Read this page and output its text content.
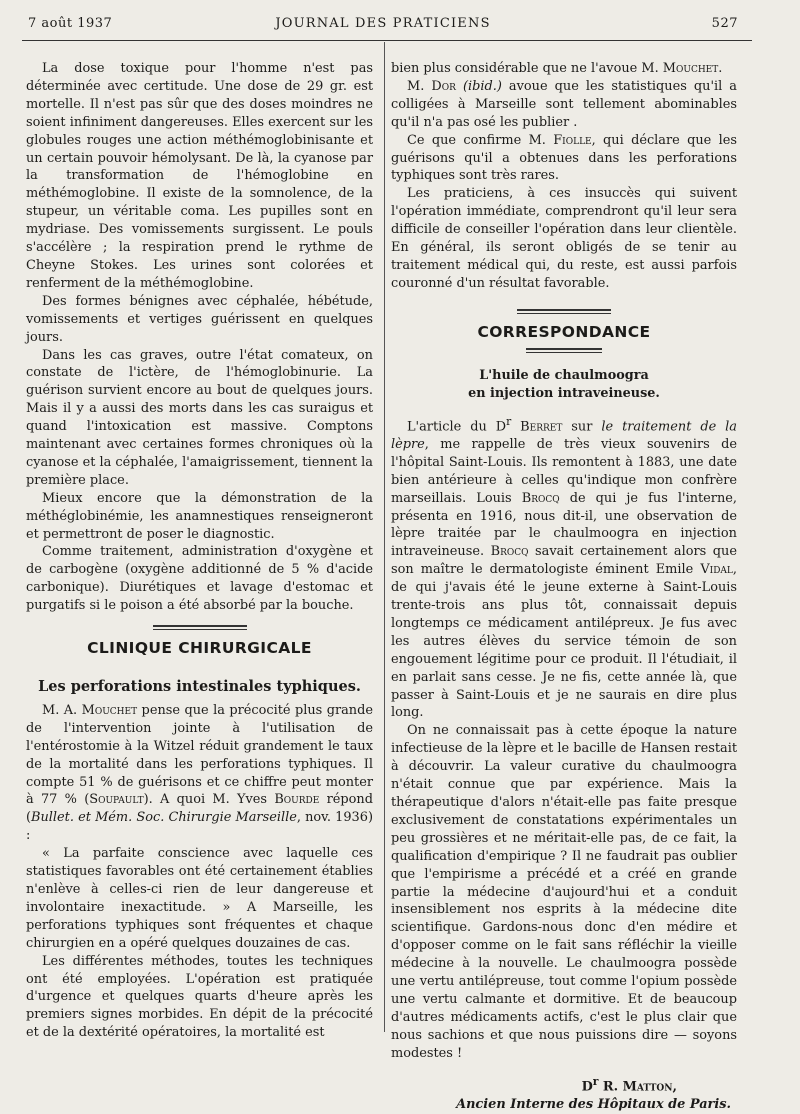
7 août 1937	JOURNAL DES PRATICIENS	527

La dose toxique pour l'homme n'est pas déterminée avec certitude. Une dose de 29 gr. est mortelle. Il n'est pas sûr que des doses moindres ne soient infiniment dangereuses. Elles exercent sur les globules rouges une action méthémoglobinisante et un certain pouvoir hémolysant. De là, la cyanose par la transformation de l'hémoglobine en méthémoglobine. Il existe de la somnolence, de la stupeur, un véritable coma. Les pupilles sont en mydriase. Des vomissements surgissent. Le pouls s'accélère ; la respiration prend le rythme de Cheyne Stokes. Les urines sont colorées et renferment de la méthémoglobine.

Des formes bénignes avec céphalée, hébétude, vomissements et vertiges guérissent en quelques jours.

Dans les cas graves, outre l'état comateux, on constate de l'ictère, de l'hémoglobinurie. La guérison survient encore au bout de quelques jours. Mais il y a aussi des morts dans les cas suraigus et quand l'intoxication est massive. Comptons maintenant avec certaines formes chroniques où la cyanose et la céphalée, l'amaigrissement, tiennent la première place.

Mieux encore que la démonstration de la méthéglobinémie, les anamnestiques renseigneront et permettront de poser le diagnostic.

Comme traitement, administration d'oxygène et de carbogène (oxygène additionné de 5 % d'acide carbonique). Diurétiques et lavage d'estomac et purgatifs si le poison a été absorbé par la bouche.

CLINIQUE CHIRURGICALE
Les perforations intestinales typhiques.

M. A. Mouchet pense que la précocité plus grande de l'intervention jointe à l'utilisation de l'entérostomie à la Witzel réduit grandement le taux de la mortalité dans les perforations typhiques. Il compte 51 % de guérisons et ce chiffre peut monter à 77 % (Soupault). A quoi M. Yves Bourde répond (Bullet. et Mém. Soc. Chirurgie Marseille, nov. 1936) :

« La parfaite conscience avec laquelle ces statistiques favorables ont été certainement établies n'enlève à celles-ci rien de leur dangereuse et involontaire inexactitude. » A Marseille, les perforations typhiques sont fréquentes et chaque chirurgien en a opéré quelques douzaines de cas.

Les différentes méthodes, toutes les techniques ont été employées. L'opération est pratiquée d'urgence et quelques quarts d'heure après les premiers signes morbides. En dépit de la précocité et de la dextérité opératoires, la mortalité est

bien plus considérable que ne l'avoue M. Mouchet.

M. Dor (ibid.) avoue que les statistiques qu'il a colligées à Marseille sont tellement abominables qu'il n'a pas osé les publier .

Ce que confirme M. Fiolle, qui déclare que les guérisons qu'il a obtenues dans les perforations typhiques sont très rares.

Les praticiens, à ces insuccès qui suivent l'opération immédiate, comprendront qu'il leur sera difficile de conseiller l'opération dans leur clientèle. En général, ils seront obligés de se tenir au traitement médical qui, du reste, est aussi parfois couronné d'un résultat favorable.

CORRESPONDANCE
L'huile de chaulmoogra
en injection intraveineuse.

L'article du $D^r$ Berret sur le traitement de la lèpre, me rappelle de très vieux souvenirs de l'hôpital Saint-Louis. Ils remontent à 1883, une date bien antérieure à celles qu'indique mon confrère marseillais. Louis Brocq de qui je fus l'interne, présenta en 1916, nous dit-il, une observation de lèpre traitée par le chaulmoogra en injection intraveineuse. Brocq savait certainement alors que son maître le dermatologiste éminent Emile Vidal, de qui j'avais été le jeune externe à Saint-Louis trente-trois ans plus tôt, connaissait depuis longtemps ce médicament antilépreux. Je fus avec les autres élèves du service témoin de son engouement légitime pour ce produit. Il l'étudiait, il en parlait sans cesse. Je ne fis, cette année là, que passer à Saint-Louis et je ne saurais en dire plus long.

On ne connaissait pas à cette époque la nature infectieuse de la lèpre et le bacille de Hansen restait à découvrir. La valeur curative du chaulmoogra n'était connue que par expérience. Mais la thérapeutique d'alors n'était-elle pas faite presque exclusivement de constatations expérimentales un peu grossières et ne méritait-elle pas, de ce fait, la qualification d'empirique ? Il ne faudrait pas oublier que l'empirisme a précédé et a créé en grande partie la médecine d'aujourd'hui et a conduit insensiblement nos esprits à la médecine dite scientifique. Gardons-nous donc d'en médire et d'opposer comme on le fait sans réfléchir la vieille médecine à la nouvelle. Le chaulmoogra possède une vertu antilépreuse, tout comme l'opium possède une vertu calmante et dormitive. Et de beaucoup d'autres médicaments actifs, c'est le plus clair que nous sachions et que nous puissions dire — soyons modestes !

$D^r$ R. Matton,
Ancien Interne des Hôpitaux de Paris.
